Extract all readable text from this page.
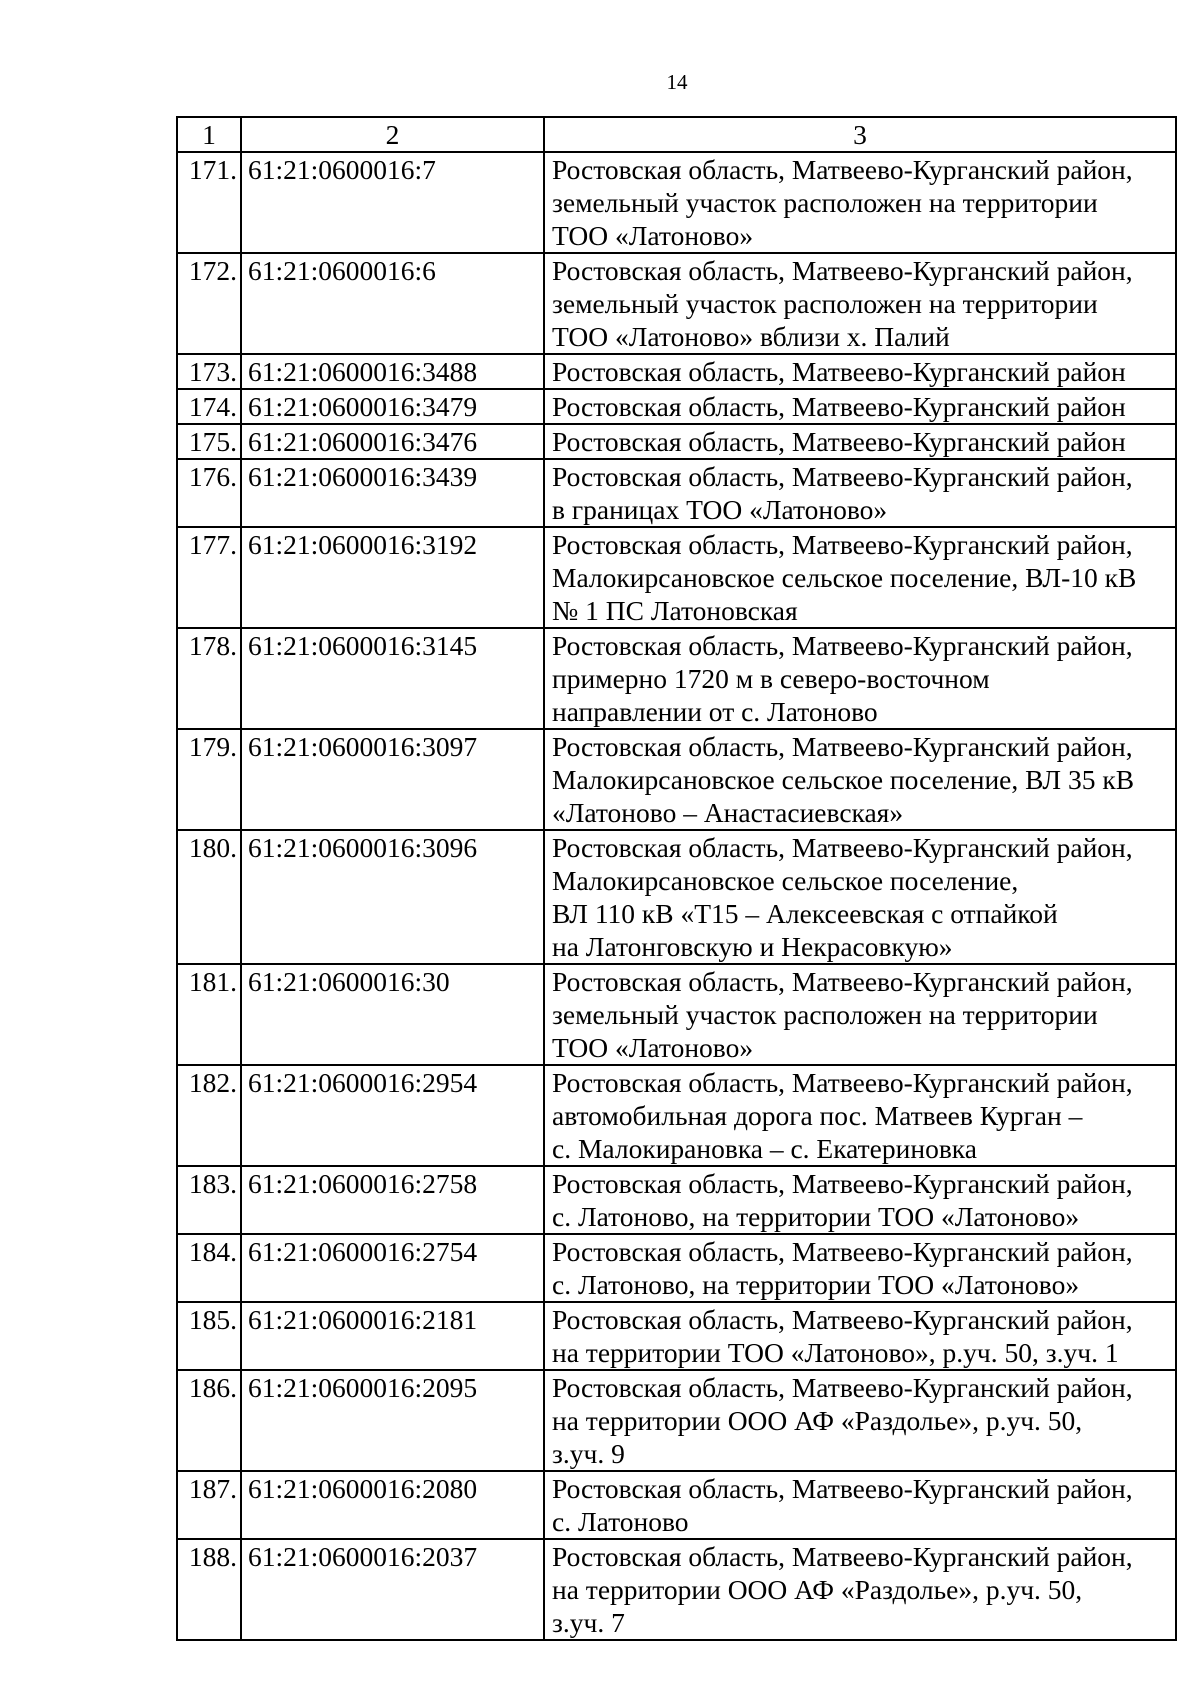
14
1	2	3
171.	61:21:0600016:7	Ростовская область, Матвеево-Курганский район,
земельный участок расположен на территории
ТОО «Латоново»

172.	61:21:0600016:6	Ростовская область, Матвеево-Курганский район,
земельный участок расположен на территории
ТОО «Латоново» вблизи х. Палий

173.	61:21:0600016:3488	Ростовская область, Матвеево-Курганский район

174.	61:21:0600016:3479	Ростовская область, Матвеево-Курганский район

175.	61:21:0600016:3476	Ростовская область, Матвеево-Курганский район

176.	61:21:0600016:3439	Ростовская область, Матвеево-Курганский район,
в границах ТОО «Латоново»

177.	61:21:0600016:3192	Ростовская область, Матвеево-Курганский район,
Малокирсановское сельское поселение, ВЛ-10 кВ
№ 1 ПС Латоновская

178.	61:21:0600016:3145	Ростовская область, Матвеево-Курганский район,
примерно 1720 м в северо-восточном
направлении от с. Латоново

179.	61:21:0600016:3097	Ростовская область, Матвеево-Курганский район,
Малокирсановское сельское поселение, ВЛ 35 кВ
«Латоново – Анастасиевская»

180.	61:21:0600016:3096	Ростовская область, Матвеево-Курганский район,
Малокирсановское сельское поселение,
ВЛ 110 кВ «Т15 – Алексеевская с отпайкой
на Латонговскую и Некрасовкую»

181.	61:21:0600016:30	Ростовская область, Матвеево-Курганский район,
земельный участок расположен на территории
ТОО «Латоново»

182.	61:21:0600016:2954	Ростовская область, Матвеево-Курганский район,
автомобильная дорога пос. Матвеев Курган –
с. Малокирановка – с. Екатериновка

183.	61:21:0600016:2758	Ростовская область, Матвеево-Курганский район,
с. Латоново, на территории ТОО «Латоново»

184.	61:21:0600016:2754	Ростовская область, Матвеево-Курганский район,
с. Латоново, на территории ТОО «Латоново»

185.	61:21:0600016:2181	Ростовская область, Матвеево-Курганский район,
на территории ТОО «Латоново», р.уч. 50, з.уч. 1

186.	61:21:0600016:2095	Ростовская область, Матвеево-Курганский район,
на территории ООО АФ «Раздолье», р.уч. 50,
з.уч. 9

187.	61:21:0600016:2080	Ростовская область, Матвеево-Курганский район,
с. Латоново

188.	61:21:0600016:2037	Ростовская область, Матвеево-Курганский район,
на территории ООО АФ «Раздолье», р.уч. 50,
з.уч. 7
